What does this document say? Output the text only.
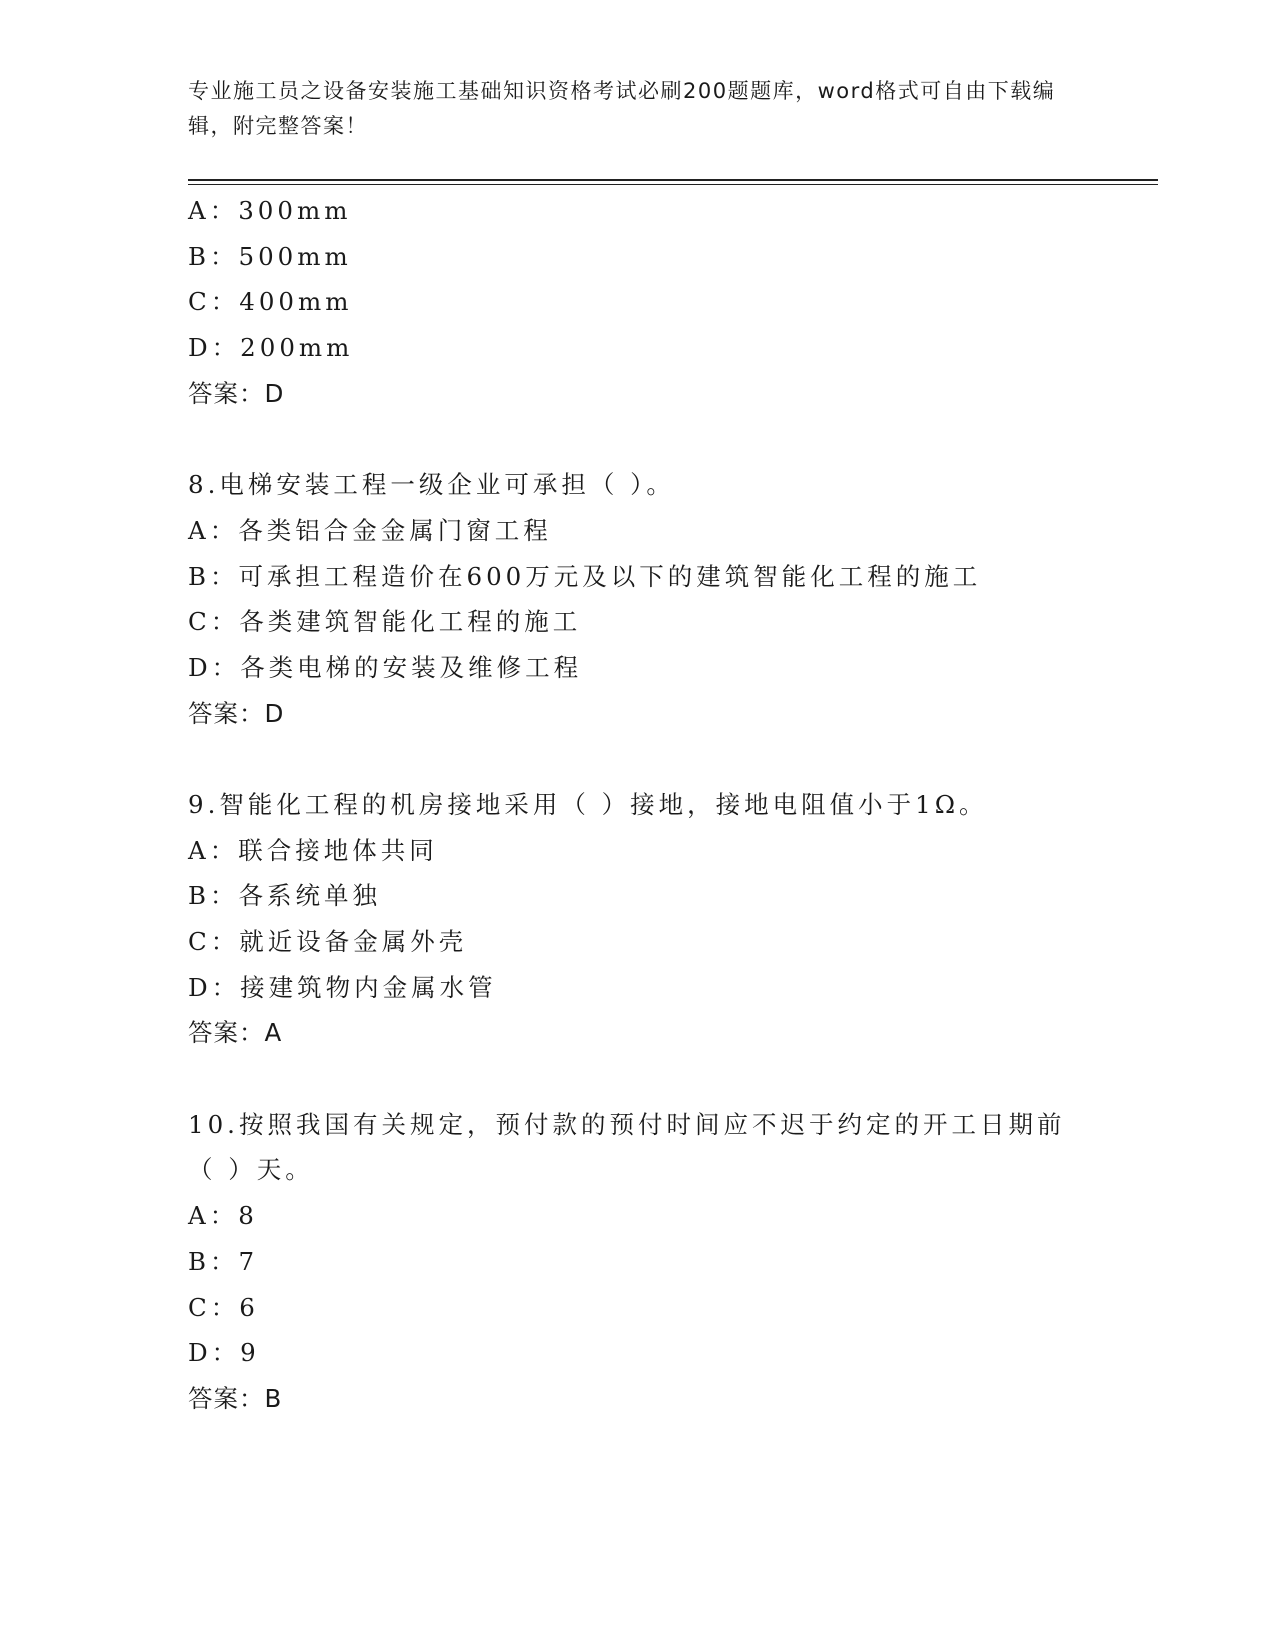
专业施工员之设备安装施工基础知识资格考试必刷200题题库，word格式可自由下载编辑，附完整答案！
A：300mm
B：500mm
C：400mm
D：200mm
答案：D
8.电梯安装工程一级企业可承担（ ）。
A：各类铝合金金属门窗工程
B：可承担工程造价在600万元及以下的建筑智能化工程的施工
C：各类建筑智能化工程的施工
D：各类电梯的安装及维修工程
答案：D
9.智能化工程的机房接地采用（ ）接地，接地电阻值小于1Ω。
A：联合接地体共同
B：各系统单独
C：就近设备金属外壳
D：接建筑物内金属水管
答案：A
10.按照我国有关规定，预付款的预付时间应不迟于约定的开工日期前
（ ）天。
A：8
B：7
C：6
D：9
答案：B
